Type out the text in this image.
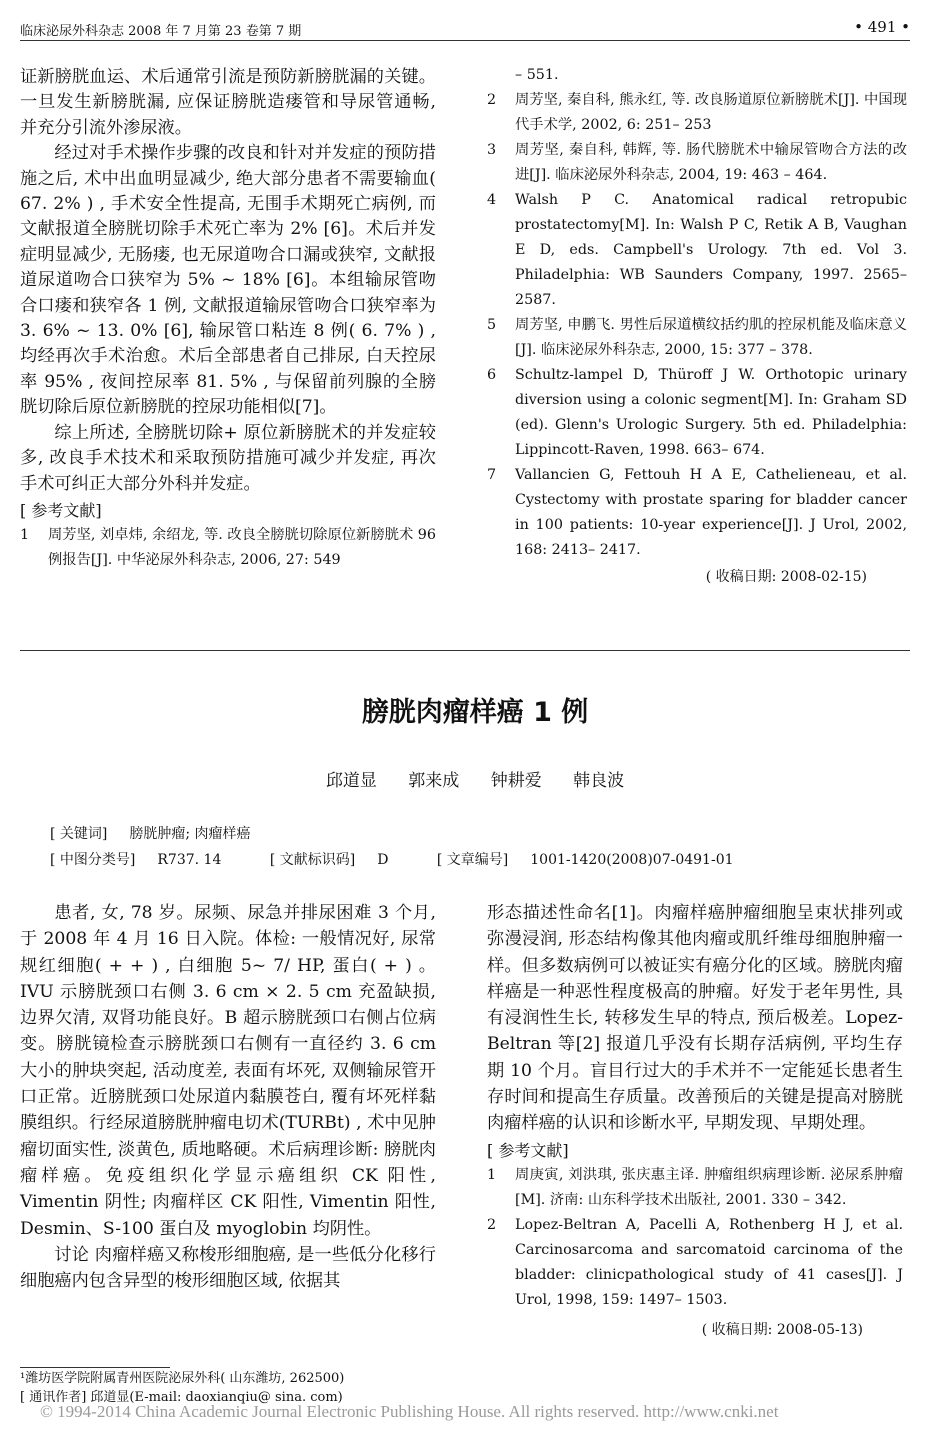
临床泌尿外科杂志 2008 年 7 月第 23 卷第 7 期	• 491 •

证新膀胱血运、术后通常引流是预防新膀胱漏的关键。一旦发生新膀胱漏, 应保证膀胱造瘘管和导尿管通畅, 并充分引流外渗尿液。

经过对手术操作步骤的改良和针对并发症的预防措施之后, 术中出血明显减少, 绝大部分患者不需要输血( 67. 2% ) , 手术安全性提高, 无围手术期死亡病例, 而文献报道全膀胱切除手术死亡率为 2% [6]。术后并发症明显减少, 无肠瘘, 也无尿道吻合口漏或狭窄, 文献报道尿道吻合口狭窄为 5% ~ 18% [6]。本组输尿管吻合口瘘和狭窄各 1 例, 文献报道输尿管吻合口狭窄率为 3. 6% ~ 13. 0% [6], 输尿管口粘连 8 例( 6. 7% ) , 均经再次手术治愈。术后全部患者自己排尿, 白天控尿率 95% , 夜间控尿率 81. 5% , 与保留前列腺的全膀胱切除后原位新膀胱的控尿功能相似[7]。

综上所述, 全膀胱切除+ 原位新膀胱术的并发症较多, 改良手术技术和采取预防措施可减少并发症, 再次手术可纠正大部分外科并发症。

[ 参考文献]
1	周芳坚, 刘卓炜, 余绍龙, 等. 改良全膀胱切除原位新膀胱术 96 例报告[J]. 中华泌尿外科杂志, 2006, 27: 549
– 551.
2	周芳坚, 秦自科, 熊永红, 等. 改良肠道原位新膀胱术[J]. 中国现代手术学, 2002, 6: 251– 253
3	周芳坚, 秦自科, 韩辉, 等. 肠代膀胱术中输尿管吻合方法的改进[J]. 临床泌尿外科杂志, 2004, 19: 463 – 464.
4	Walsh P C. Anatomical radical retropubic prostatectomy[M]. In: Walsh P C, Retik A B, Vaughan E D, eds. Campbell's Urology. 7th ed. Vol 3. Philadelphia: WB Saunders Company, 1997. 2565– 2587.
5	周芳坚, 申鹏飞. 男性后尿道横纹括约肌的控尿机能及临床意义[J]. 临床泌尿外科杂志, 2000, 15: 377 – 378.
6	Schultz-lampel D, Thüroff J W. Orthotopic urinary diversion using a colonic segment[M]. In: Graham SD (ed). Glenn's Urologic Surgery. 5th ed. Philadelphia: Lippincott-Raven, 1998. 663– 674.
7	Vallancien G, Fettouh H A E, Cathelieneau, et al. Cystectomy with prostate sparing for bladder cancer in 100 patients: 10-year experience[J]. J Urol, 2002, 168: 2413– 2417.
( 收稿日期: 2008-02-15)
膀胱肉瘤样癌 1 例
邱道显 郭来成 钟耕爱 韩良波
[ 关键词] 膀胱肿瘤; 肉瘤样癌
[ 中图分类号] R737. 14	[ 文献标识码] D	[ 文章编号] 1001-1420(2008)07-0491-01

患者, 女, 78 岁。尿频、尿急并排尿困难 3 个月, 于 2008 年 4 月 16 日入院。体检: 一般情况好, 尿常规红细胞( + + ) , 白细胞 5~ 7/ HP, 蛋白( + ) 。IVU 示膀胱颈口右侧 3. 6 cm × 2. 5 cm 充盈缺损, 边界欠清, 双肾功能良好。B 超示膀胱颈口右侧占位病变。膀胱镜检查示膀胱颈口右侧有一直径约 3. 6 cm 大小的肿块突起, 活动度差, 表面有坏死, 双侧输尿管开口正常。近膀胱颈口处尿道内黏膜苍白, 覆有坏死样黏膜组织。行经尿道膀胱肿瘤电切术(TURBt) , 术中见肿瘤切面实性, 淡黄色, 质地略硬。术后病理诊断: 膀胱肉瘤样癌。免疫组织化学显示癌组织 CK 阳性, Vimentin 阴性; 肉瘤样区 CK 阳性, Vimentin 阳性, Desmin、S-100 蛋白及 myoglobin 均阴性。

讨论 肉瘤样癌又称梭形细胞癌, 是一些低分化移行细胞癌内包含异型的梭形细胞区域, 依据其

形态描述性命名[1]。肉瘤样癌肿瘤细胞呈束状排列或弥漫浸润, 形态结构像其他肉瘤或肌纤维母细胞肿瘤一样。但多数病例可以被证实有癌分化的区域。膀胱肉瘤样癌是一种恶性程度极高的肿瘤。好发于老年男性, 具有浸润性生长, 转移发生早的特点, 预后极差。Lopez-Beltran 等[2] 报道几乎没有长期存活病例, 平均生存期 10 个月。盲目行过大的手术并不一定能延长患者生存时间和提高生存质量。改善预后的关键是提高对膀胱肉瘤样癌的认识和诊断水平, 早期发现、早期处理。

[ 参考文献]
1	周庚寅, 刘洪琪, 张庆惠主译. 肿瘤组织病理诊断. 泌尿系肿瘤[M]. 济南: 山东科学技术出版社, 2001. 330 – 342.
2	Lopez-Beltran A, Pacelli A, Rothenberg H J, et al. Carcinosarcoma and sarcomatoid carcinoma of the bladder: clinicpathological study of 41 cases[J]. J Urol, 1998, 159: 1497– 1503.
( 收稿日期: 2008-05-13)
¹潍坊医学院附属青州医院泌尿外科( 山东潍坊, 262500)
[ 通讯作者] 邱道显(E-mail: daoxianqiu@ sina. com)
© 1994-2014 China Academic Journal Electronic Publishing House. All rights reserved. http://www.cnki.net
